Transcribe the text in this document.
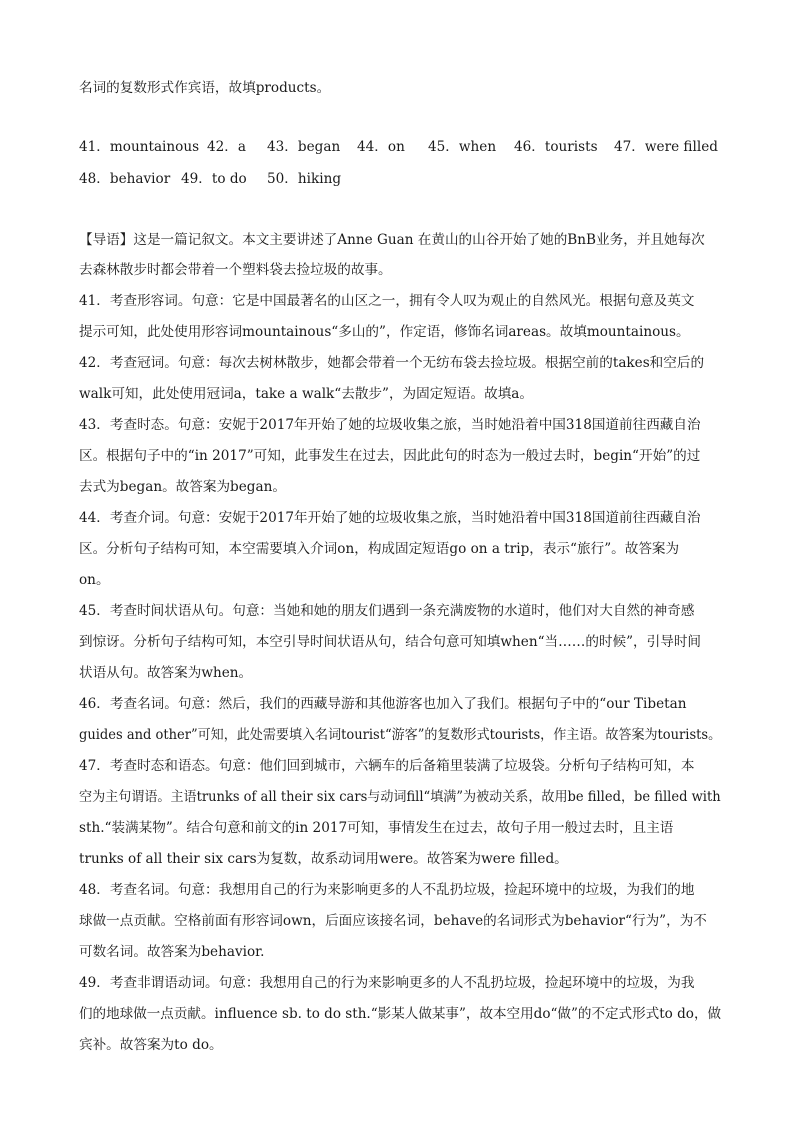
名词的复数形式作宾语，故填products。
41．mountainous 42．a 43．began 44．on 45．when 46．tourists 47．were filled
48．behavior 49．to do 50．hiking
【导语】这是一篇记叙文。本文主要讲述了Anne Guan 在黄山的山谷开始了她的BnB业务，并且她每次
去森林散步时都会带着一个塑料袋去捡垃圾的故事。
41．考查形容词。句意：它是中国最著名的山区之一，拥有令人叹为观止的自然风光。根据句意及英文
提示可知，此处使用形容词mountainous“多山的”，作定语，修饰名词areas。故填mountainous。
42．考查冠词。句意：每次去树林散步，她都会带着一个无纺布袋去捡垃圾。根据空前的takes和空后的
walk可知，此处使用冠词a，take a walk“去散步”，为固定短语。故填a。
43．考查时态。句意：安妮于2017年开始了她的垃圾收集之旅，当时她沿着中国318国道前往西藏自治
区。根据句子中的“in 2017”可知，此事发生在过去，因此此句的时态为一般过去时，begin“开始”的过
去式为began。故答案为began。
44．考查介词。句意：安妮于2017年开始了她的垃圾收集之旅，当时她沿着中国318国道前往西藏自治
区。分析句子结构可知，本空需要填入介词on，构成固定短语go on a trip，表示“旅行”。故答案为
on。
45．考查时间状语从句。句意：当她和她的朋友们遇到一条充满废物的水道时，他们对大自然的神奇感
到惊讶。分析句子结构可知，本空引导时间状语从句，结合句意可知填when“当……的时候”，引导时间
状语从句。故答案为when。
46．考查名词。句意：然后，我们的西藏导游和其他游客也加入了我们。根据句子中的“our Tibetan
guides and other”可知，此处需要填入名词tourist“游客”的复数形式tourists，作主语。故答案为tourists。
47．考查时态和语态。句意：他们回到城市，六辆车的后备箱里装满了垃圾袋。分析句子结构可知，本
空为主句谓语。主语trunks of all their six cars与动词fill“填满”为被动关系，故用be filled，be filled with
sth.“装满某物”。结合句意和前文的in 2017可知，事情发生在过去，故句子用一般过去时，且主语
trunks of all their six cars为复数，故系动词用were。故答案为were filled。
48．考查名词。句意：我想用自己的行为来影响更多的人不乱扔垃圾，捡起环境中的垃圾，为我们的地
球做一点贡献。空格前面有形容词own，后面应该接名词，behave的名词形式为behavior“行为”，为不
可数名词。故答案为behavior.
49．考查非谓语动词。句意：我想用自己的行为来影响更多的人不乱扔垃圾，捡起环境中的垃圾，为我
们的地球做一点贡献。influence sb. to do sth.“影某人做某事”，故本空用do“做”的不定式形式to do，做
宾补。故答案为to do。
